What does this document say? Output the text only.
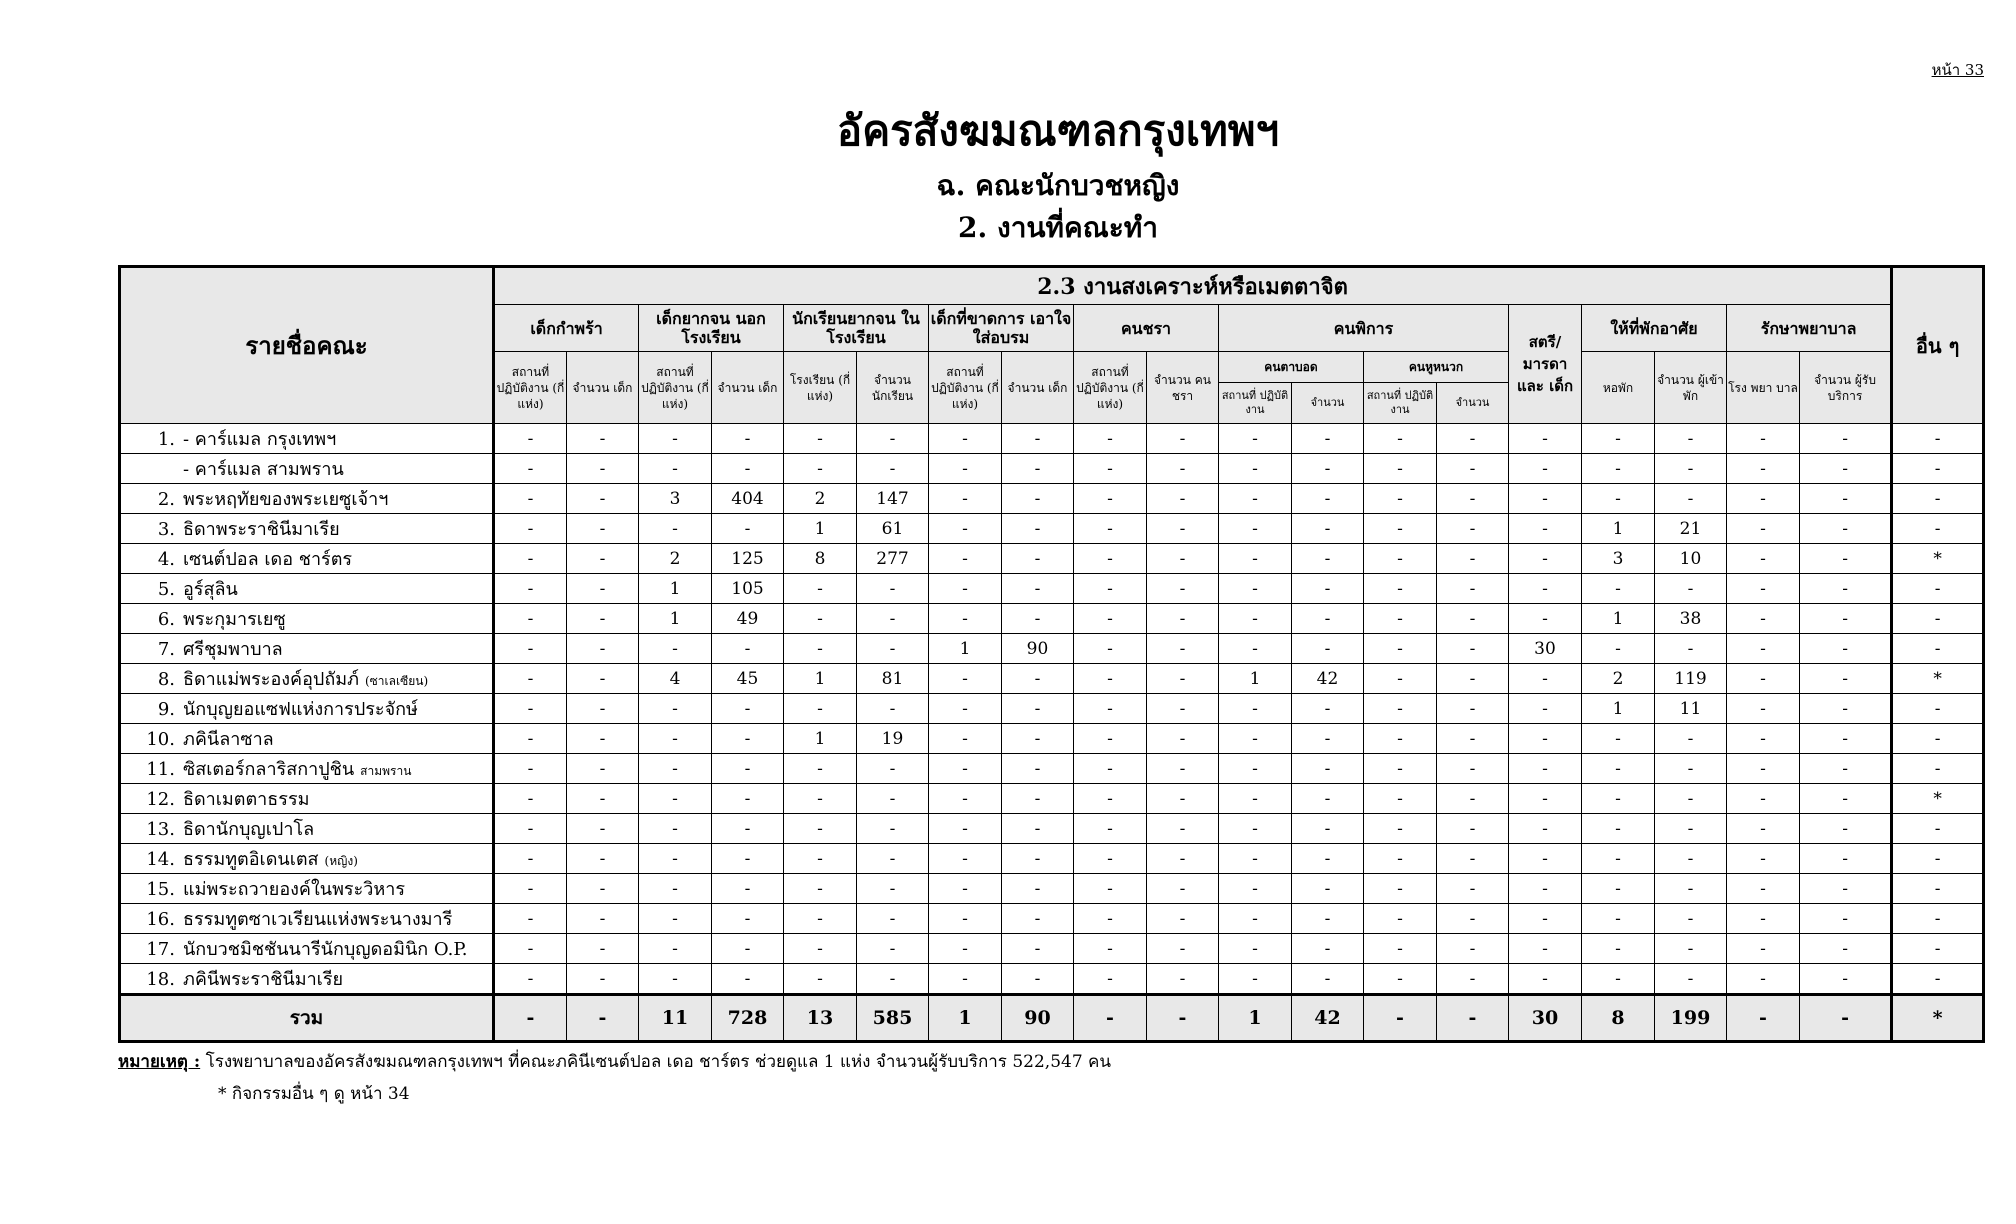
หน้า 33
อัครสังฆมณฑลกรุงเทพฯ
ฉ. คณะนักบวชหญิง
2. งานที่คณะทำ
รายชื่อคณะ	2.3 งานสงเคราะห์หรือเมตตาจิต																			อื่น ๆ
	เด็กกำพร้า		เด็กยากจน นอกโรงเรียน		นักเรียนยากจน ในโรงเรียน		เด็กที่ขาดการ เอาใจใส่อบรม		คนชรา		คนพิการ				สตรี/ มารดา และ เด็ก	ให้ที่พักอาศัย		รักษาพยาบาล		
	สถานที่ ปฏิบัติงาน (กี่แห่ง)	จำนวน เด็ก	สถานที่ ปฏิบัติงาน (กี่แห่ง)	จำนวน เด็ก	โรงเรียน (กี่แห่ง)	จำนวน นักเรียน	สถานที่ ปฏิบัติงาน (กี่แห่ง)	จำนวน เด็ก	สถานที่ ปฏิบัติงาน (กี่แห่ง)	จำนวน คนชรา	คนตาบอด		คนหูหนวก			หอพัก	จำนวน ผู้เข้าพัก	โรง พยา บาล	จำนวน ผู้รับบริการ	
											สถานที่ ปฏิบัติงาน	จำนวน	สถานที่ ปฏิบัติงาน	จำนวน						
1. - คาร์แมล กรุงเทพฯ	-	-	-	-	-	-	-	-	-	-	-	-	-	-	-	-	-	-	-	-
- คาร์แมล สามพราน	-	-	-	-	-	-	-	-	-	-	-	-	-	-	-	-	-	-	-	-
2. พระหฤทัยของพระเยซูเจ้าฯ	-	-	3	404	2	147	-	-	-	-	-	-	-	-	-	-	-	-	-	-
3. ธิดาพระราชินีมาเรีย	-	-	-	-	1	61	-	-	-	-	-	-	-	-	-	1	21	-	-	-
4. เซนต์ปอล เดอ ชาร์ตร	-	-	2	125	8	277	-	-	-	-	-	-	-	-	-	3	10	-	-	*
5. อูร์สุลิน	-	-	1	105	-	-	-	-	-	-	-	-	-	-	-	-	-	-	-	-
6. พระกุมารเยซู	-	-	1	49	-	-	-	-	-	-	-	-	-	-	-	1	38	-	-	-
7. ศรีชุมพาบาล	-	-	-	-	-	-	1	90	-	-	-	-	-	-	30	-	-	-	-	-
8. ธิดาแม่พระองค์อุปถัมภ์ (ซาเลเซียน)	-	-	4	45	1	81	-	-	-	-	1	42	-	-	-	2	119	-	-	*
9. นักบุญยอแซฟแห่งการประจักษ์	-	-	-	-	-	-	-	-	-	-	-	-	-	-	-	1	11	-	-	-
10. ภคินีลาซาล	-	-	-	-	1	19	-	-	-	-	-	-	-	-	-	-	-	-	-	-
11. ซิสเตอร์กลาริสกาปูชิน สามพราน	-	-	-	-	-	-	-	-	-	-	-	-	-	-	-	-	-	-	-	-
12. ธิดาเมตตาธรรม	-	-	-	-	-	-	-	-	-	-	-	-	-	-	-	-	-	-	-	*
13. ธิดานักบุญเปาโล	-	-	-	-	-	-	-	-	-	-	-	-	-	-	-	-	-	-	-	-
14. ธรรมทูตอิเดนเตส (หญิง)	-	-	-	-	-	-	-	-	-	-	-	-	-	-	-	-	-	-	-	-
15. แม่พระถวายองค์ในพระวิหาร	-	-	-	-	-	-	-	-	-	-	-	-	-	-	-	-	-	-	-	-
16. ธรรมทูตซาเวเรียนแห่งพระนางมารี	-	-	-	-	-	-	-	-	-	-	-	-	-	-	-	-	-	-	-	-
17. นักบวชมิชชันนารีนักบุญดอมินิก O.P.	-	-	-	-	-	-	-	-	-	-	-	-	-	-	-	-	-	-	-	-
18. ภคินีพระราชินีมาเรีย	-	-	-	-	-	-	-	-	-	-	-	-	-	-	-	-	-	-	-	-
รวม	-	-	11	728	13	585	1	90	-	-	1	42	-	-	30	8	199	-	-	*
หมายเหตุ : โรงพยาบาลของอัครสังฆมณฑลกรุงเทพฯ ที่คณะภคินีเซนต์ปอล เดอ ชาร์ตร ช่วยดูแล 1 แห่ง จำนวนผู้รับบริการ 522,547 คน
* กิจกรรมอื่น ๆ ดู หน้า 34
